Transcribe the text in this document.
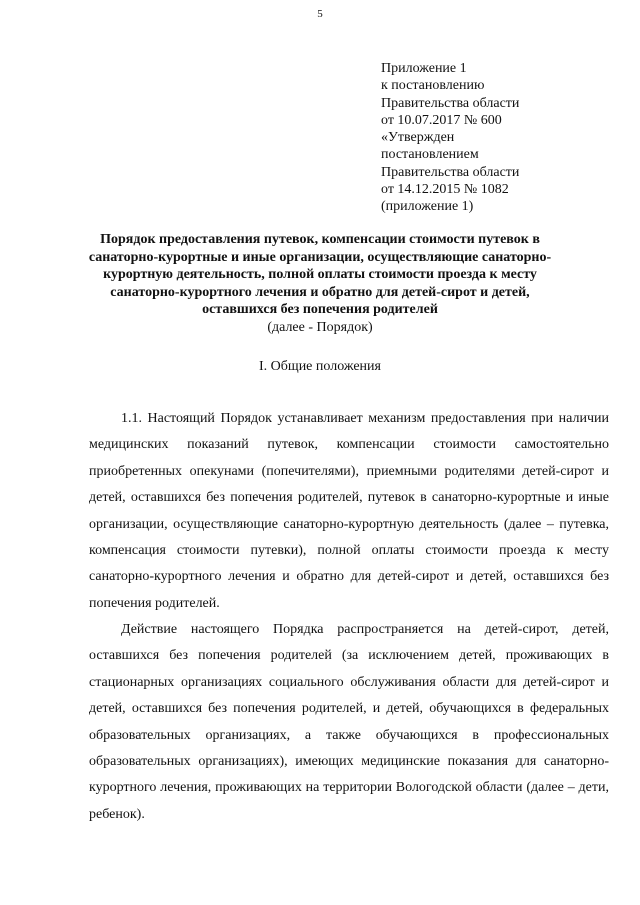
5
Приложение 1
к постановлению
Правительства области
от 10.07.2017 № 600
«Утвержден
постановлением
Правительства области
от 14.12.2015 № 1082
(приложение 1)
Порядок предоставления путевок, компенсации стоимости путевок в
санаторно-курортные и иные организации, осуществляющие санаторно-
курортную деятельность, полной оплаты стоимости проезда к месту
санаторно-курортного лечения и обратно для детей-сирот и детей,
оставшихся без попечения родителей
(далее - Порядок)
I. Общие положения

1.1. Настоящий Порядок устанавливает механизм предоставления при наличии медицинских показаний путевок, компенсации стоимости самостоятельно приобретенных опекунами (попечителями), приемными родителями детей-сирот и детей, оставшихся без попечения родителей, путевок в санаторно-курортные и иные организации, осуществляющие санаторно-курортную деятельность (далее – путевка, компенсация стоимости путевки), полной оплаты стоимости проезда к месту санаторно-курортного лечения и обратно для детей-сирот и детей, оставшихся без попечения родителей.

Действие настоящего Порядка распространяется на детей-сирот, детей, оставшихся без попечения родителей (за исключением детей, проживающих в стационарных организациях социального обслуживания области для детей-сирот и детей, оставшихся без попечения родителей, и детей, обучающихся в федеральных образовательных организациях, а также обучающихся в профессиональных образовательных организациях), имеющих медицинские показания для санаторно-курортного лечения, проживающих на территории Вологодской области (далее – дети, ребенок).
